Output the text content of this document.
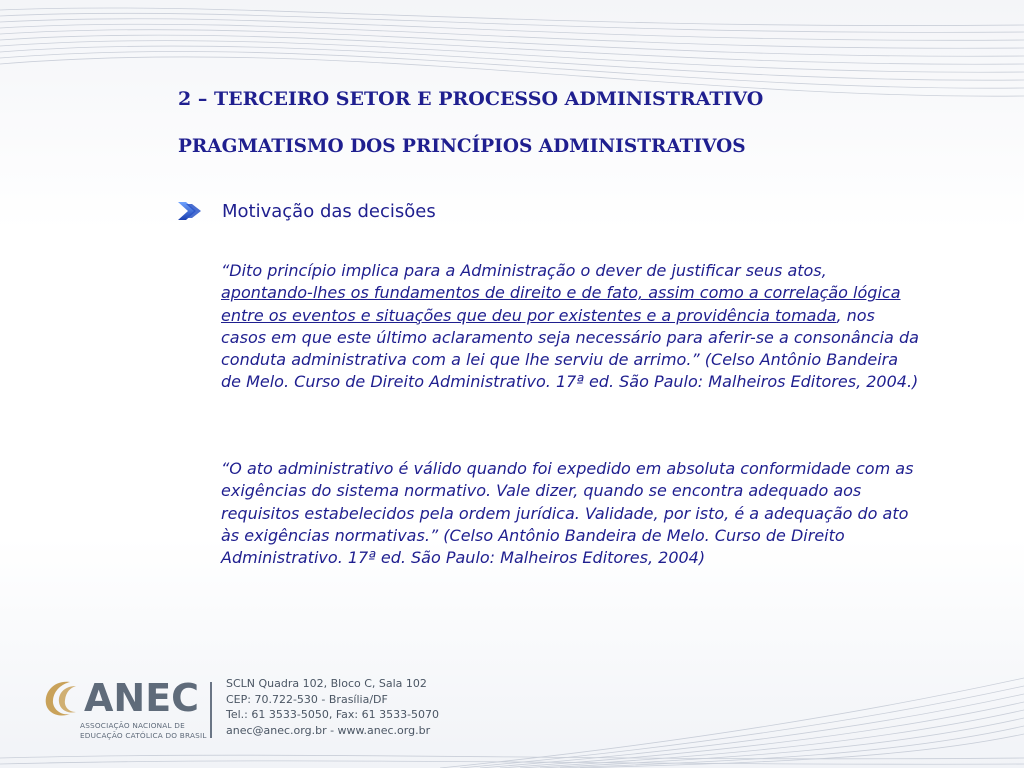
2 – TERCEIRO SETOR E PROCESSO ADMINISTRATIVO
PRAGMATISMO DOS PRINCÍPIOS ADMINISTRATIVOS
Motivação das decisões

“Dito princípio implica para a Administração o dever de justificar seus atos, apontando-lhes os fundamentos de direito e de fato, assim como a correlação lógica entre os eventos e situações que deu por existentes e a providência tomada, nos casos em que este último aclaramento seja necessário para aferir-se a consonância da conduta administrativa com a lei que lhe serviu de arrimo.” (Celso Antônio Bandeira de Melo. Curso de Direito Administrativo. 17ª ed. São Paulo: Malheiros Editores, 2004.)

“O ato administrativo é válido quando foi expedido em absoluta conformidade com as exigências do sistema normativo. Vale dizer, quando se encontra adequado aos requisitos estabelecidos pela ordem jurídica. Validade, por isto, é a adequação do ato às exigências normativas.” (Celso Antônio Bandeira de Melo. Curso de Direito Administrativo. 17ª ed. São Paulo: Malheiros Editores, 2004)

ANEC
ASSOCIAÇÃO NACIONAL DE
EDUCAÇÃO CATÓLICA DO BRASIL
SCLN Quadra 102, Bloco C, Sala 102
CEP: 70.722-530 - Brasília/DF
Tel.: 61 3533-5050, Fax: 61 3533-5070
anec@anec.org.br - www.anec.org.br
